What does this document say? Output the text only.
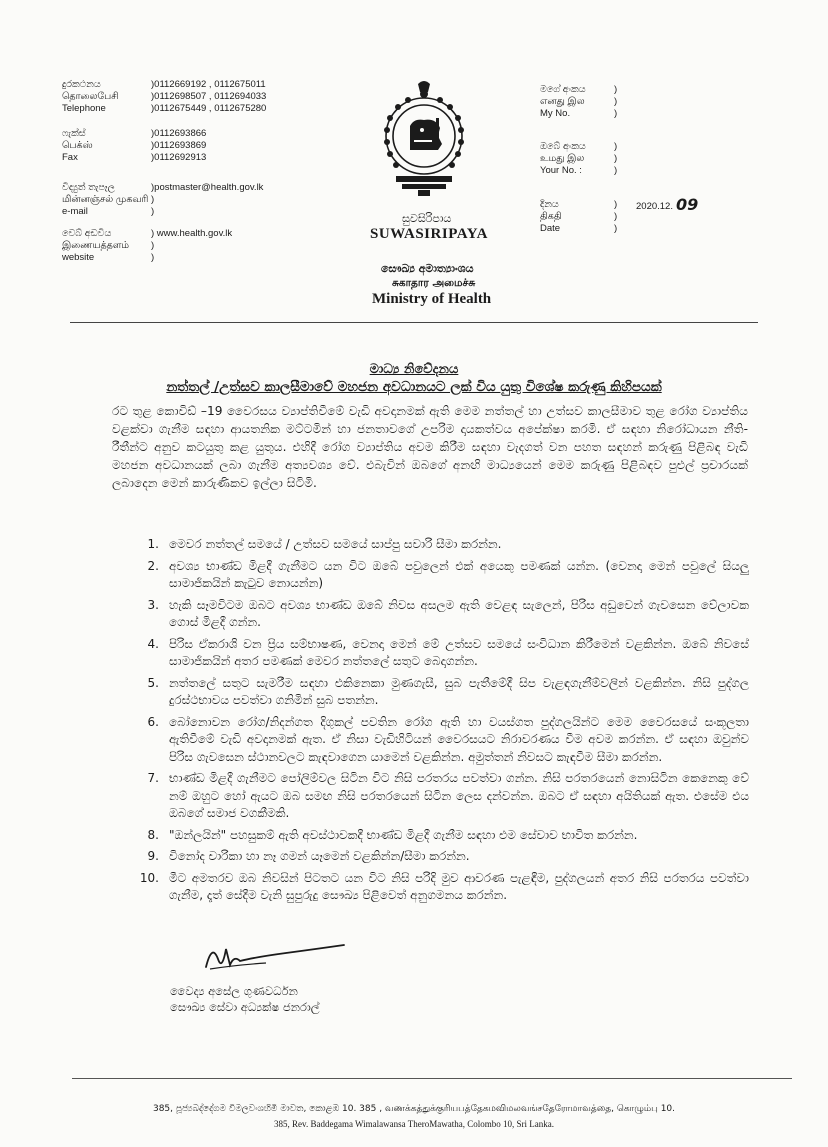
දුරකථනය
தொலைபேசி
Telephone
)0112669192 , 0112675011
)0112698507 , 0112694033
)0112675449 , 0112675280
ෆැක්ස්
பெக்ஸ்
Fax
)0112693866
)0112693869
)0112692913
විද්‍යුත් තැපෑල
மின்னஞ்சல் முகவரி
e-mail
)postmaster@health.gov.lk
)
)
වෙබ් අඩවිය
இணையத்தளம்
website
) www.health.gov.lk
)
)
සුවසිරිපාය
SUWASIRIPAYA
සෞඛ්‍ය අමාත්‍යාංශය
சுகாதார அமைச்சு
Ministry of Health
මගේ අංකය
எனது இல
My No.
)
)
)
ඔබේ අංකය
உமது இல
Your No. :
)
)
)
දිනය
திகதி
Date
)
)
)
2020.12. 09
මාධ්‍ය නිවේදනය
නත්තල් /උත්සව කාලසීමාවේ මහජන අවධානයට ලක් විය යුතු විශේෂ කරුණු කිහිපයක්
රට තුළ කොවිඩ් –19 වෛරසය ව්‍යාප්තිවීමේ වැඩි අවදානමක් ඇති මෙම නත්තල් හා උත්සව කාලසීමාව තුළ රෝග ව්‍යාප්තිය වළක්වා ගැනීම සඳහා ආයතනික මට්ටමින් හා ජනතාවගේ උපරිම දායකත්වය අපේක්ෂා කරමි. ඒ සඳහා නිරෝධායන නීති-රීතීන්ට අනුව කටයුතු කළ යුතුය. එහිදී රෝග ව්‍යාප්තිය අවම කිරීම සඳහා වැදගත් වන පහත සඳහන් කරුණු පිළිබඳ වැඩි මහජන අවධානයක් ලබා ගැනීම අත්‍යවශ්‍ය වේ. එබැවින් ඔබගේ අනඟි මාධ්‍යයෙන් මෙම කරුණු පිළිබඳව පුළුල් ප්‍රචාරයක් ලබාදෙන මෙන් කාරුණිකව ඉල්ලා සිටිමි.
1. මෙවර නත්තල් සමයේ / උත්සව සමයේ සාප්පු සවාරි සීමා කරන්න.
2. අවශ්‍ය භාණ්ඩ මිළදී ගැනීමට යන විට ඔබේ පවුලෙන් එක් අයෙකු පමණක් යන්න. (වෙනදා මෙන් පවුලේ සියලු සාමාජිකයින් කැටුව නොයන්න)
3. හැකි සෑමවිටම ඔබට අවශ්‍ය භාණ්ඩ ඔබේ නිවස අසලම ඇති වෙළඳ සැලෙන්, පිරිස අඩුවෙන් ගැවසෙන වේලාවක ගොස් මිළදී ගන්න.
4. පිරිස ඒකරාශි වන ප්‍රිය සම්භාෂණ, වෙනදා මෙන් මේ උත්සව සමයේ සංවිධාන කිරීමෙන් වළකින්න. ඔබේ නිවසේ සාමාජිකයින් අතර පමණක් මෙවර නත්තලේ සතුට බෙදාගන්න.
5. නත්තලේ සතුට සැමරීම සඳහා එකිනෙකා මුණගැසී, සුබ පැතීමේදී සිප වැළඳගැනීම්වලින් වළකින්න. නිසි පුද්ගල දුරස්ථභාවය පවත්වා ගනිමින් සුබ පතන්න.
6. බෝනොවන රෝග/නිදන්ගත දිගුකල් පවතින රෝග ඇති හා වයස්ගත පුද්ගලයින්ට මෙම වෛරසයේ සංකූලතා ඇතිවීමේ වැඩි අවදානමක් ඇත. ඒ නිසා වැඩිහිටියන් වෛරසයට නිරාවරණය වීම අවම කරන්න. ඒ සඳහා ඔවුන්ව පිරිස ගැවසෙන ස්ථානවලට කැඳවාගෙන යාමෙන් වළකින්න. අමුත්තන් නිවසට කැඳවීම සීමා කරන්න.
7. භාණ්ඩ මිළදී ගැනීමට පෝලිම්වල සිටින විට නිසි පරතරය පවත්වා ගන්න. නිසි පරතරයෙන් නොසිටින කෙනෙකු වේ නම් ඔහුට හෝ ඇයට ඔබ සමඟ නිසි පරතරයෙන් සිටින ලෙස දන්වන්න. ඔබට ඒ සඳහා අයිතියක් ඇත. එසේම එය ඔබගේ සමාජ වගකීමකි.
8. "ඔන්ලයින්" පහසුකම් ඇති අවස්ථාවකදී භාණ්ඩ මිළදී ගැනීම සඳහා එම සේවාව භාවිත කරන්න.
9. විනෝද චාරිකා හා නෑ ගමන් යෑමෙන් වළකින්න/සීමා කරන්න.
10. මීට අමතරව ඔබ නිවසින් පිටතට යන විට නිසි පරිදි මුව ආවරණ පැළඳීම, පුද්ගලයන් අතර නිසි පරතරය පවත්වා ගැනීම, දෑත් සේදීම වැනි සුපුරුදු සෞඛ්‍ය පිළිවෙත් අනුගමනය කරන්න.
වෛද්‍ය අසේල ගුණවර්ධන
සෞඛ්‍ය සේවා අධ්‍යක්ෂ ජනරාල්
385, පූජ්‍යබද්දේගම විමලවංශහිමි මාවත, කොළඹ 10. 385 , வணக்கத்துக்குரியபத்தேகமவிமலவங்சதேரோமாவத்தை, கொழும்பு 10.
385, Rev. Baddegama Wimalawansa TheroMawatha, Colombo 10, Sri Lanka.
